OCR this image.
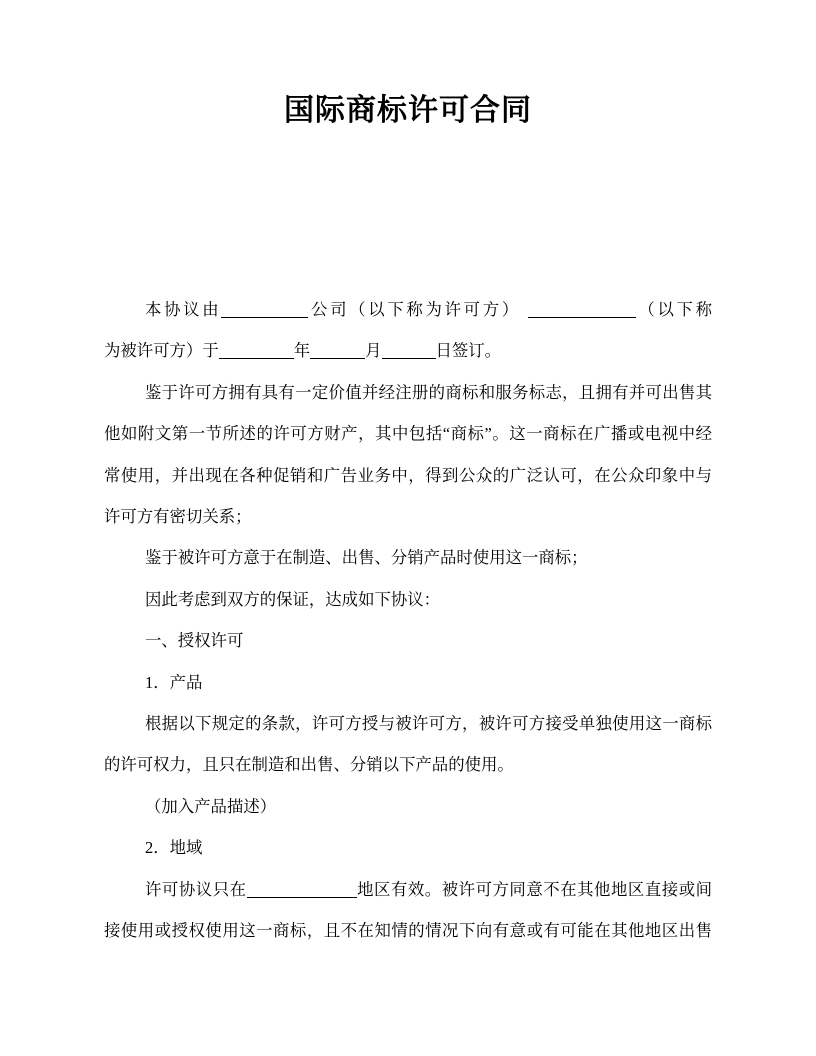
国际商标许可合同
本协议由	公司（以下称为许可方）	（以下称
为被许可方）于	年	月	日签订。
鉴于许可方拥有具有一定价值并经注册的商标和服务标志，且拥有并可出售其
他如附文第一节所述的许可方财产，其中包括“商标”。这一商标在广播或电视中经
常使用，并出现在各种促销和广告业务中，得到公众的广泛认可，在公众印象中与
许可方有密切关系；
鉴于被许可方意于在制造、出售、分销产品时使用这一商标；
因此考虑到双方的保证，达成如下协议：
一、授权许可
1．产品
根据以下规定的条款，许可方授与被许可方，被许可方接受单独使用这一商标
的许可权力，且只在制造和出售、分销以下产品的使用。
（加入产品描述）
2．地域
许可协议只在	地区有效。被许可方同意不在其他地区直接或间
接使用或授权使用这一商标，且不在知情的情况下向有意或有可能在其他地区出售
